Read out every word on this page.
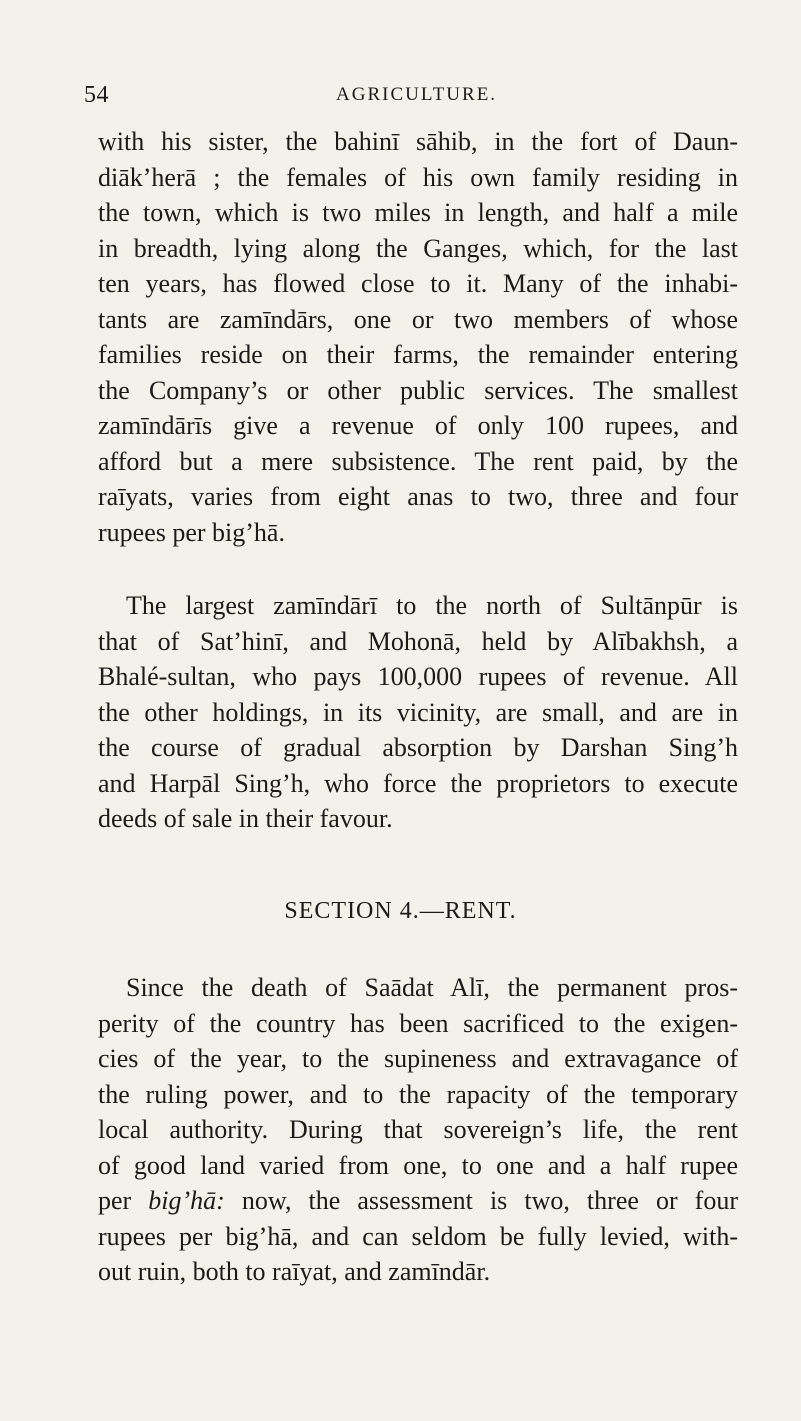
54	AGRICULTURE.

with his sister, the bahinī sāhib, in the fort of Daun-
diāk’herā ; the females of his own family residing in
the town, which is two miles in length, and half a mile
in breadth, lying along the Ganges, which, for the last
ten years, has flowed close to it. Many of the inhabi-
tants are zamīndārs, one or two members of whose
families reside on their farms, the remainder entering
the Company’s or other public services. The smallest
zamīndārīs give a revenue of only 100 rupees, and
afford but a mere subsistence. The rent paid, by the
raīyats, varies from eight anas to two, three and four
rupees per big’hā.

The largest zamīndārī to the north of Sultānpūr is
that of Sat’hinī, and Mohonā, held by Alībakhsh, a
Bhalé-sultan, who pays 100,000 rupees of revenue. All
the other holdings, in its vicinity, are small, and are in
the course of gradual absorption by Darshan Sing’h
and Harpāl Sing’h, who force the proprietors to execute
deeds of sale in their favour.

SECTION 4.—RENT.

Since the death of Saādat Alī, the permanent pros-
perity of the country has been sacrificed to the exigen-
cies of the year, to the supineness and extravagance of
the ruling power, and to the rapacity of the temporary
local authority. During that sovereign’s life, the rent
of good land varied from one, to one and a half rupee
per big’hā: now, the assessment is two, three or four
rupees per big’hā, and can seldom be fully levied, with-
out ruin, both to raīyat, and zamīndār.
